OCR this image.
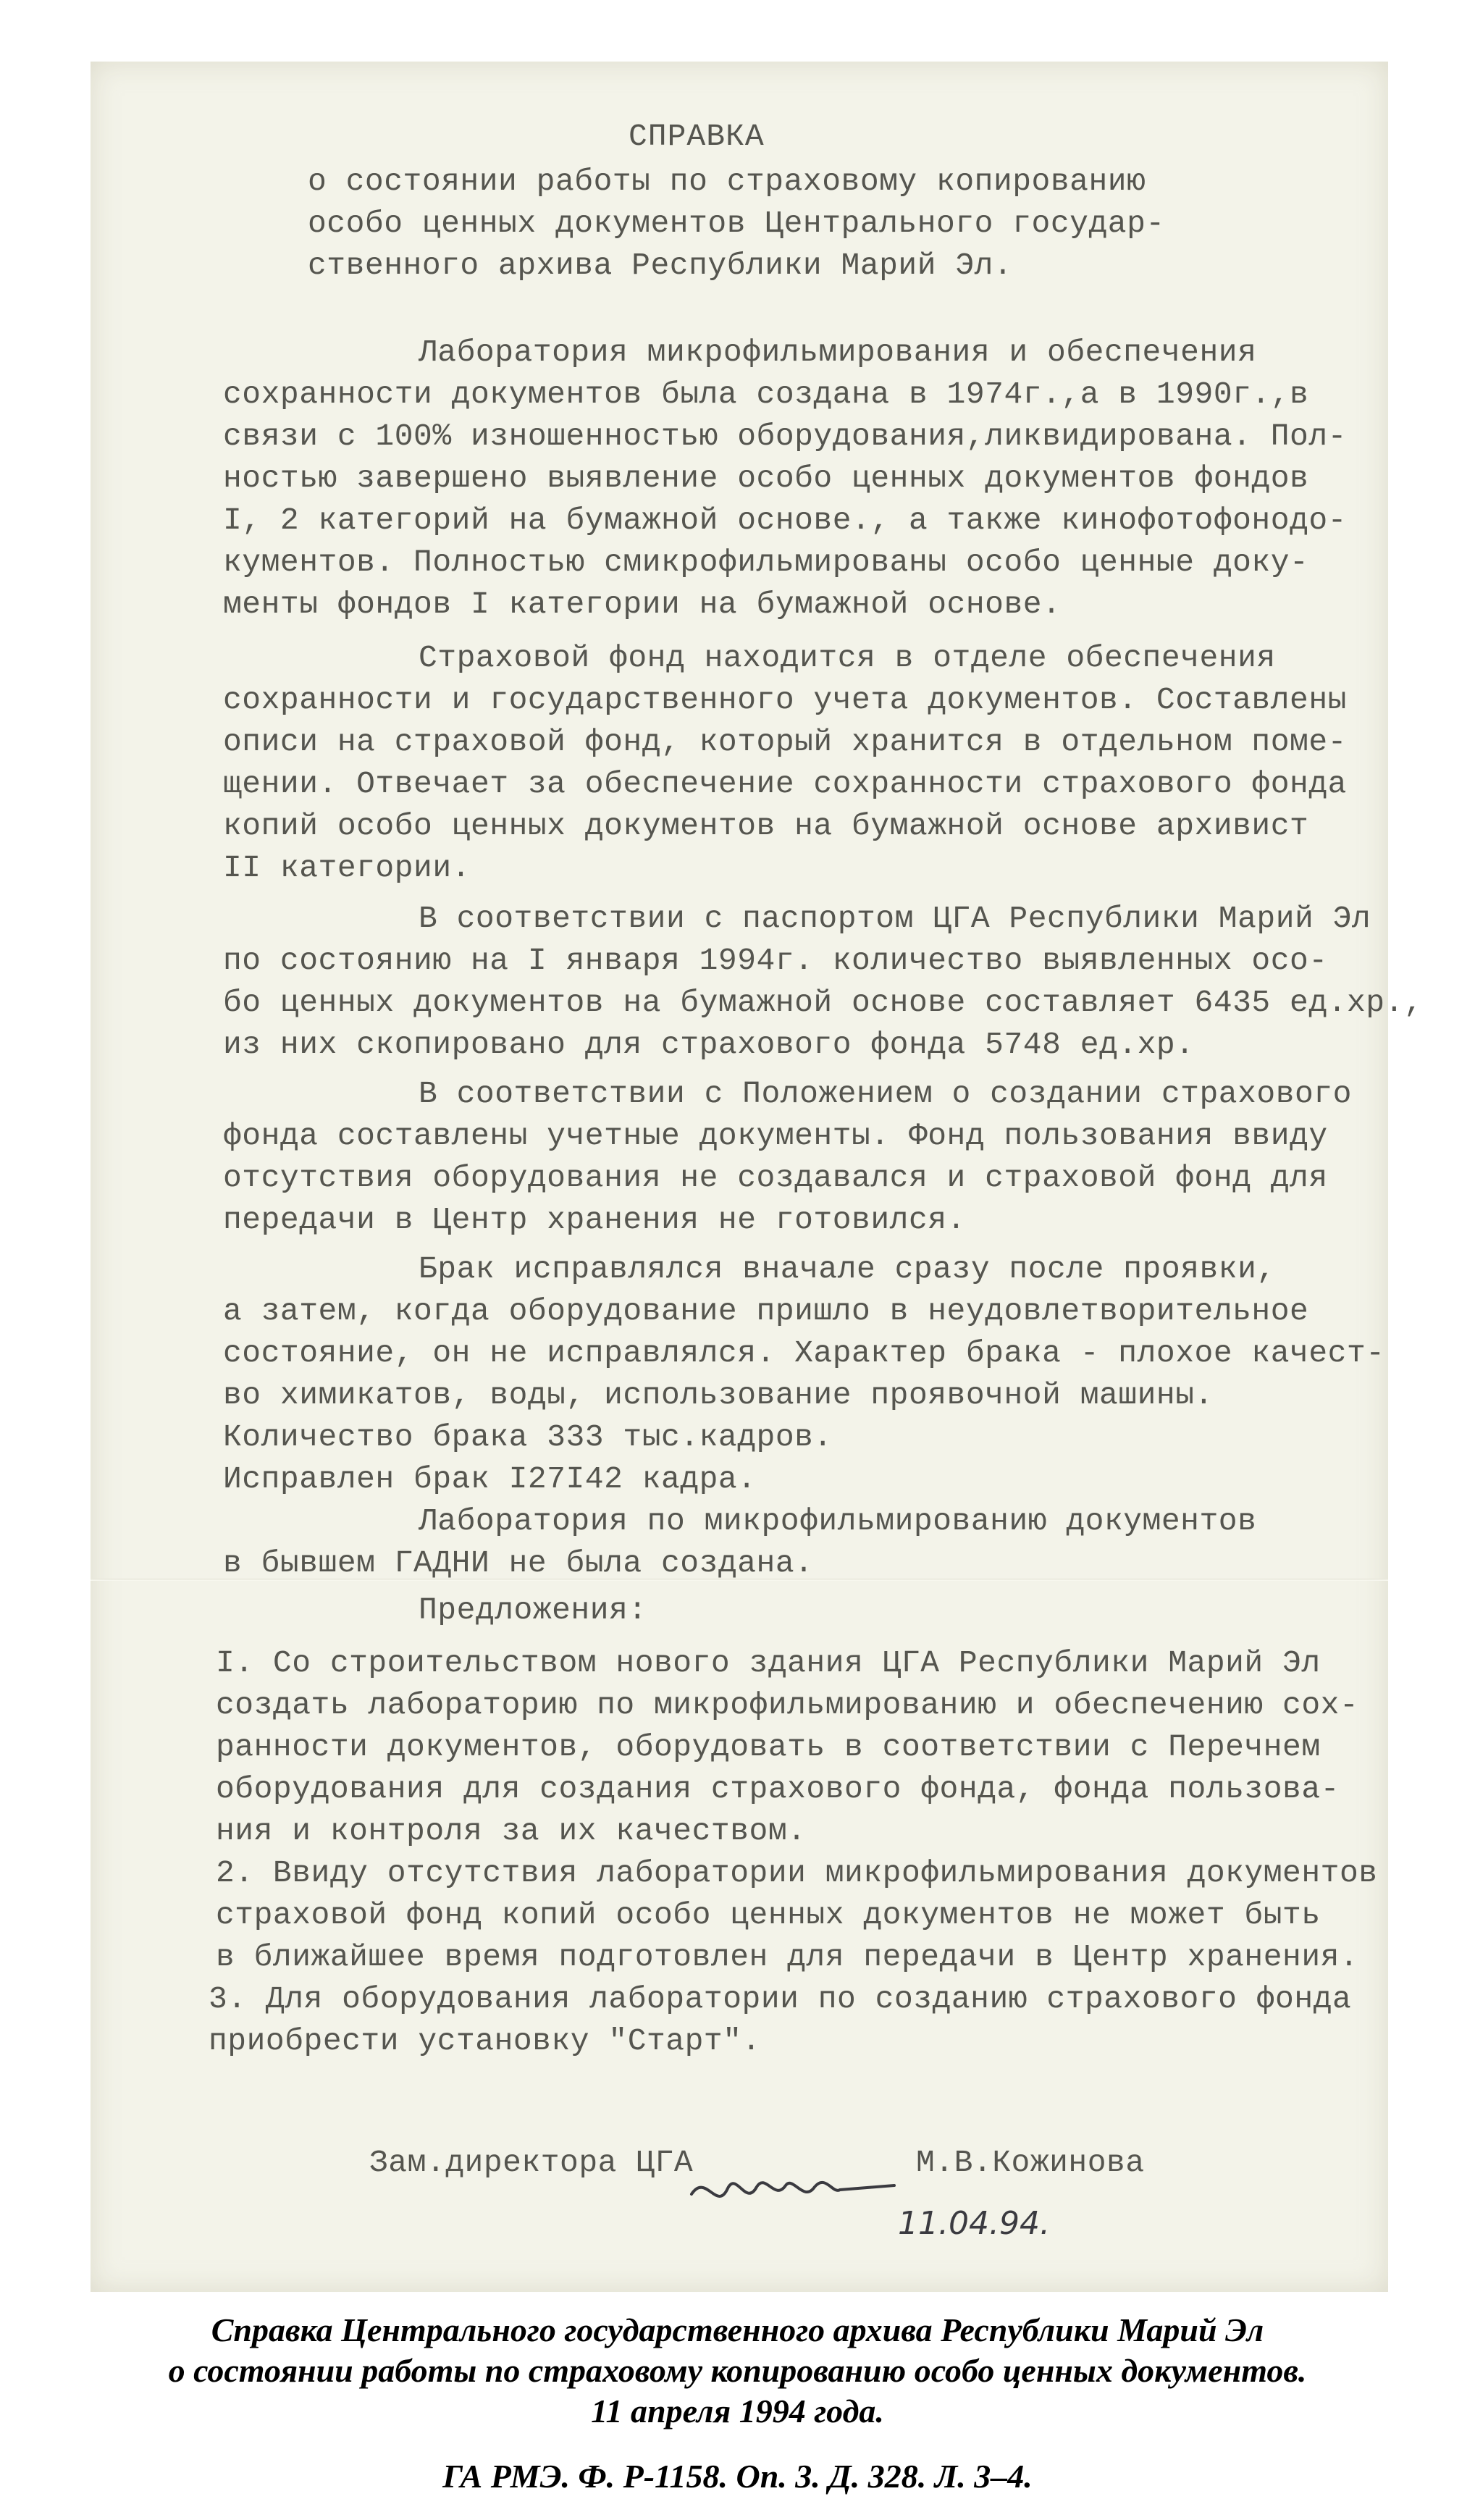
СПРАВКА
о состоянии работы по страховому копированию
особо ценных документов Центрального государ-
ственного архива Республики Марий Эл.
Лаборатория микрофильмирования и обеспечения
сохранности документов была создана в 1974г.,а в 1990г.,в
связи с 100% изношенностью оборудования,ликвидирована. Пол-
ностью завершено выявление особо ценных документов фондов
I, 2 категорий на бумажной основе., а также кинофотофонодо-
кументов. Полностью смикрофильмированы особо ценные доку-
менты фондов I категории на бумажной основе.
Страховой фонд находится в отделе обеспечения
сохранности и государственного учета документов. Составлены
описи на страховой фонд, который хранится в отдельном поме-
щении. Отвечает за обеспечение сохранности страхового фонда
копий особо ценных документов на бумажной основе архивист
II категории.
В соответствии с паспортом ЦГА Республики Марий Эл
по состоянию на I января 1994г. количество выявленных осо-
бо ценных документов на бумажной основе составляет 6435 ед.хр.,
из них скопировано для страхового фонда 5748 ед.хр.
В соответствии с Положением о создании страхового
фонда составлены учетные документы. Фонд пользования ввиду
отсутствия оборудования не создавался и страховой фонд для
передачи в Центр хранения не готовился.
Брак исправлялся вначале сразу после проявки,
а затем, когда оборудование пришло в неудовлетворительное
состояние, он не исправлялся. Характер брака - плохое качест-
во химикатов, воды, использование проявочной машины.
Количество брака 333 тыс.кадров.
Исправлен брак I27I42 кадра.
Лаборатория по микрофильмированию документов
в бывшем ГАДНИ не была создана.
Предложения:
I. Со строительством нового здания ЦГА Республики Марий Эл
создать лабораторию по микрофильмированию и обеспечению сох-
ранности документов, оборудовать в соответствии с Перечнем
оборудования для создания страхового фонда, фонда пользова-
ния и контроля за их качеством.
2. Ввиду отсутствия лаборатории микрофильмирования документов
страховой фонд копий особо ценных документов не может быть
в ближайшее время подготовлен для передачи в Центр хранения.
3. Для оборудования лаборатории по созданию страхового фонда
приобрести установку "Старт".
Зам.директора ЦГА	М.В.Кожинова
11.04.94.
Справка Центрального государственного архива Республики Марий Эл
о состоянии работы по страховому копированию особо ценных документов.
11 апреля 1994 года.
ГА РМЭ. Ф. Р-1158. Оп. 3. Д. 328. Л. 3–4.
